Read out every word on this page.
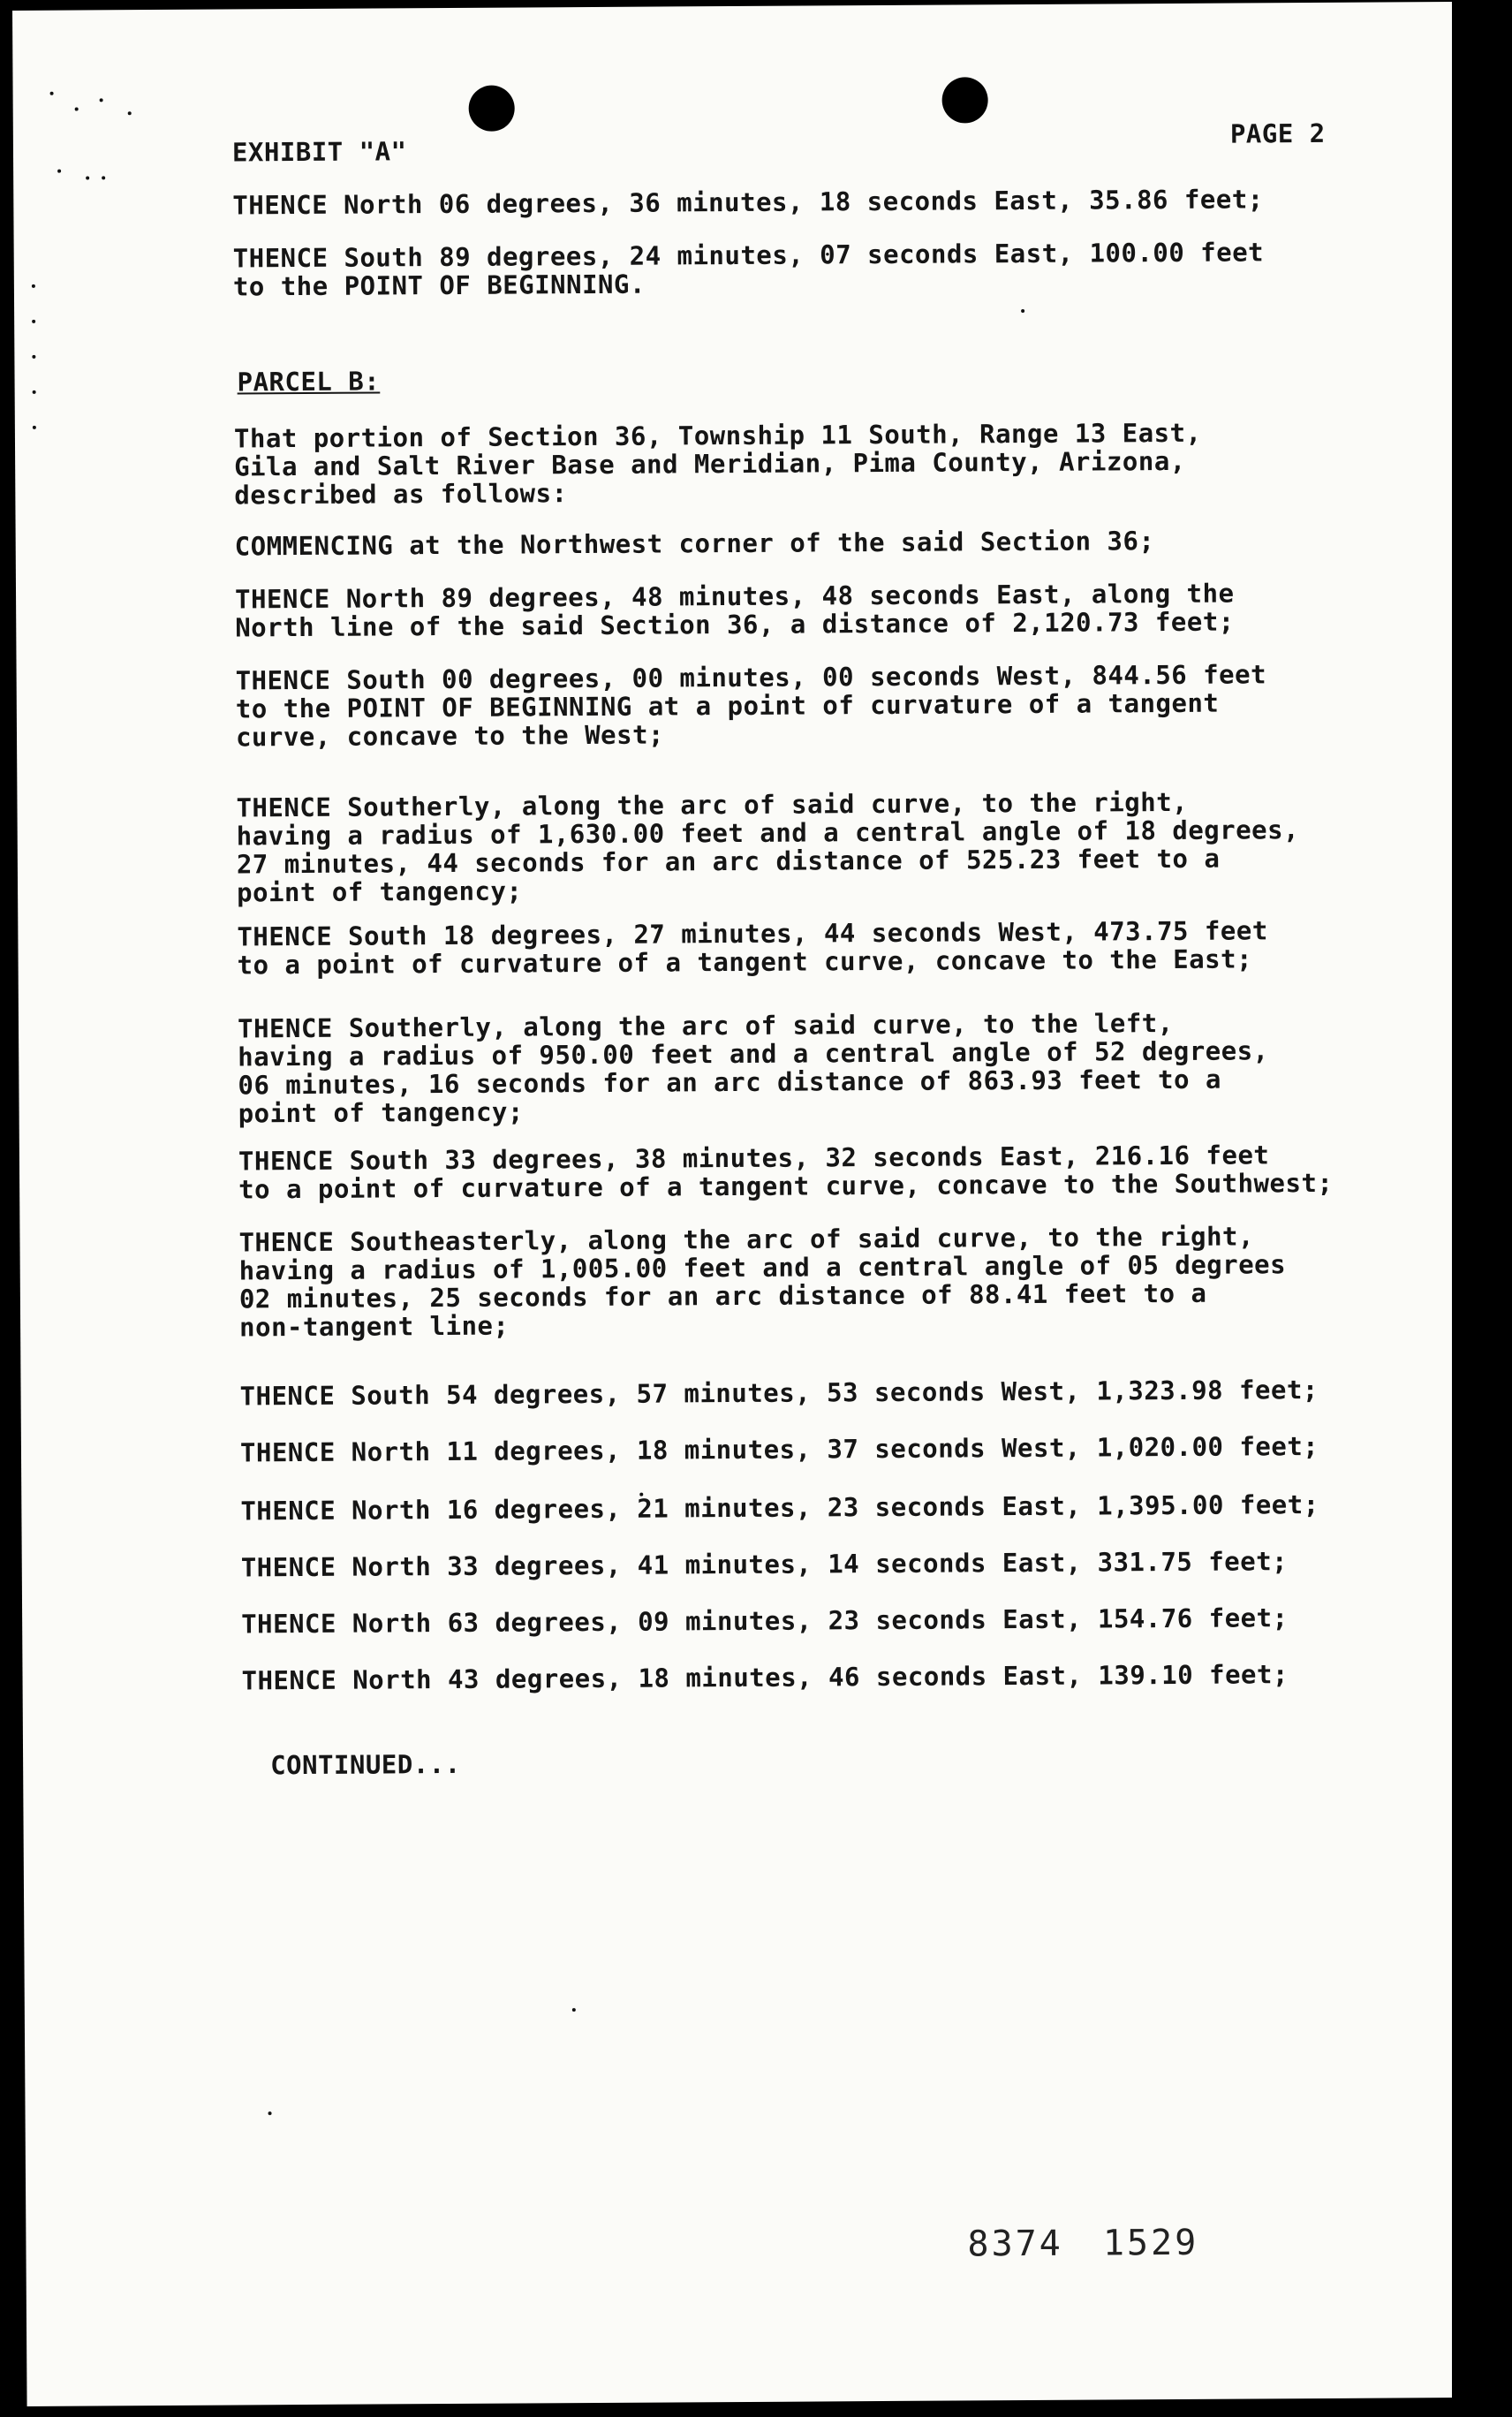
EXHIBIT "A"
PAGE 2
THENCE North 06 degrees, 36 minutes, 18 seconds East, 35.86 feet;
THENCE South 89 degrees, 24 minutes, 07 seconds East, 100.00 feet
to the POINT OF BEGINNING.
PARCEL B:
That portion of Section 36, Township 11 South, Range 13 East,
Gila and Salt River Base and Meridian, Pima County, Arizona,
described as follows:
COMMENCING at the Northwest corner of the said Section 36;
THENCE North 89 degrees, 48 minutes, 48 seconds East, along the
North line of the said Section 36, a distance of 2,120.73 feet;
THENCE South 00 degrees, 00 minutes, 00 seconds West, 844.56 feet
to the POINT OF BEGINNING at a point of curvature of a tangent
curve, concave to the West;
THENCE Southerly, along the arc of said curve, to the right,
having a radius of 1,630.00 feet and a central angle of 18 degrees,
27 minutes, 44 seconds for an arc distance of 525.23 feet to a
point of tangency;
THENCE South 18 degrees, 27 minutes, 44 seconds West, 473.75 feet
to a point of curvature of a tangent curve, concave to the East;
THENCE Southerly, along the arc of said curve, to the left,
having a radius of 950.00 feet and a central angle of 52 degrees,
06 minutes, 16 seconds for an arc distance of 863.93 feet to a
point of tangency;
THENCE South 33 degrees, 38 minutes, 32 seconds East, 216.16 feet
to a point of curvature of a tangent curve, concave to the Southwest;
THENCE Southeasterly, along the arc of said curve, to the right,
having a radius of 1,005.00 feet and a central angle of 05 degrees
02 minutes, 25 seconds for an arc distance of 88.41 feet to a
non-tangent line;
THENCE South 54 degrees, 57 minutes, 53 seconds West, 1,323.98 feet;
THENCE North 11 degrees, 18 minutes, 37 seconds West, 1,020.00 feet;
THENCE North 16 degrees, 21 minutes, 23 seconds East, 1,395.00 feet;
THENCE North 33 degrees, 41 minutes, 14 seconds East, 331.75 feet;
THENCE North 63 degrees, 09 minutes, 23 seconds East, 154.76 feet;
THENCE North 43 degrees, 18 minutes, 46 seconds East, 139.10 feet;
CONTINUED...
8374 1529
